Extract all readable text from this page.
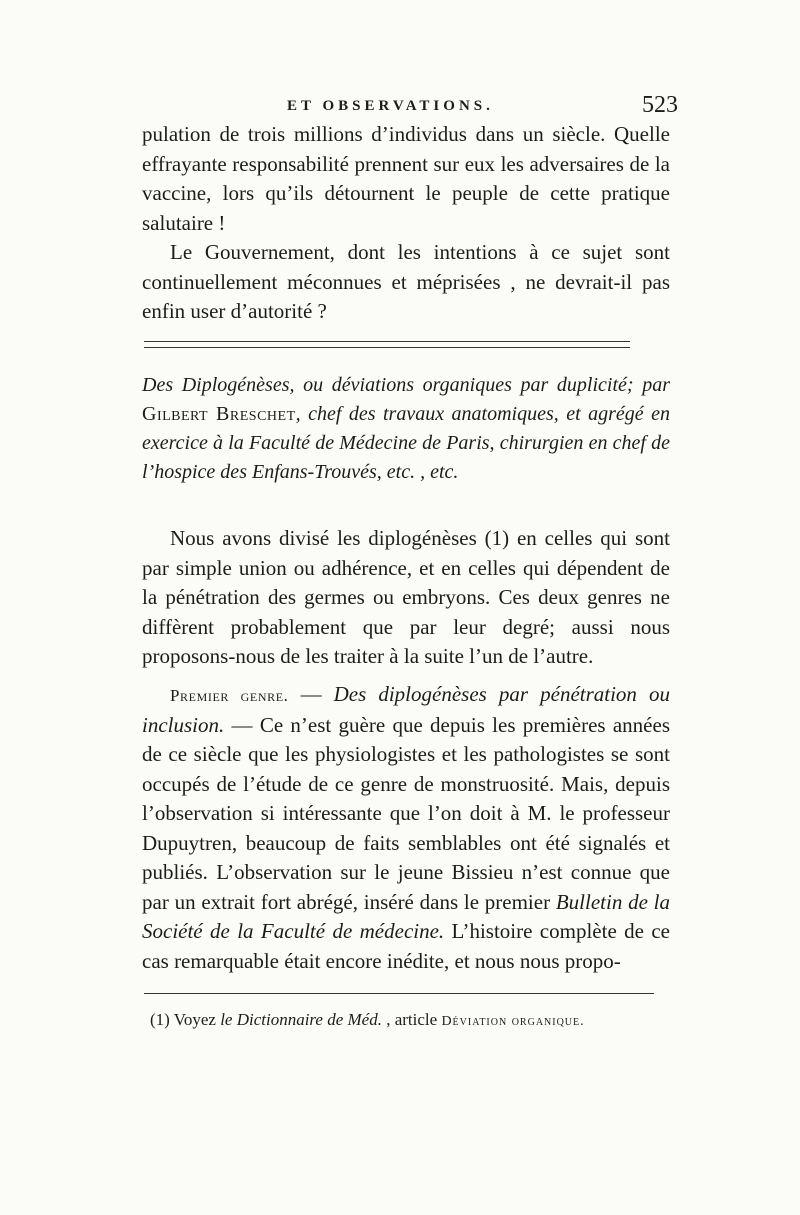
ET OBSERVATIONS.	523

pulation de trois millions d’individus dans un siècle. Quelle effrayante responsabilité prennent sur eux les adversaires de la vaccine, lors qu’ils détournent le peuple de cette pratique salutaire !

Le Gouvernement, dont les intentions à ce sujet sont continuellement méconnues et méprisées , ne devrait-il pas enfin user d’autorité ?

Des Diplogénèses, ou déviations organiques par duplicité; par Gilbert Breschet, chef des travaux anatomiques, et agrégé en exercice à la Faculté de Médecine de Paris, chirurgien en chef de l’hospice des Enfans-Trouvés, etc. , etc.

Nous avons divisé les diplogénèses (1) en celles qui sont par simple union ou adhérence, et en celles qui dépendent de la pénétration des germes ou embryons. Ces deux genres ne diffèrent probablement que par leur degré; aussi nous proposons-nous de les traiter à la suite l’un de l’autre.

Premier genre. — Des diplogénèses par pénétration ou inclusion. — Ce n’est guère que depuis les premières années de ce siècle que les physiologistes et les pathologistes se sont occupés de l’étude de ce genre de monstruosité. Mais, depuis l’observation si intéressante que l’on doit à M. le professeur Dupuytren, beaucoup de faits semblables ont été signalés et publiés. L’observation sur le jeune Bissieu n’est connue que par un extrait fort abrégé, inséré dans le premier Bulletin de la Société de la Faculté de médecine. L’histoire complète de ce cas remarquable était encore inédite, et nous nous propo-

(1) Voyez le Dictionnaire de Méd. , article Déviation organique.
